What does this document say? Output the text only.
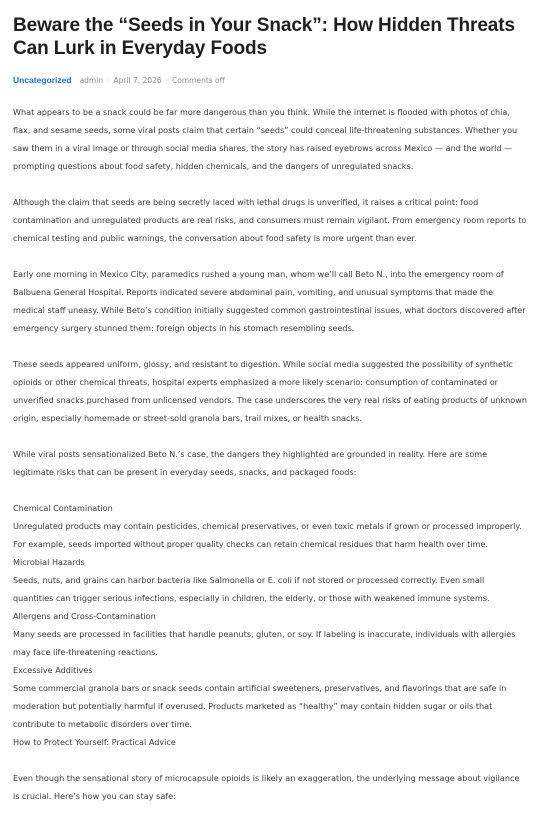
Beware the “Seeds in Your Snack”: How Hidden Threats Can Lurk in Everyday Foods
Uncategorized admin · April 7, 2026 · Comments off

What appears to be a snack could be far more dangerous than you think. While the internet is flooded with photos of chia, flax, and sesame seeds, some viral posts claim that certain “seeds” could conceal life-threatening substances. Whether you saw them in a viral image or through social media shares, the story has raised eyebrows across Mexico — and the world — prompting questions about food safety, hidden chemicals, and the dangers of unregulated snacks.

Although the claim that seeds are being secretly laced with lethal drugs is unverified, it raises a critical point: food contamination and unregulated products are real risks, and consumers must remain vigilant. From emergency room reports to chemical testing and public warnings, the conversation about food safety is more urgent than ever.

Early one morning in Mexico City, paramedics rushed a young man, whom we’ll call Beto N., into the emergency room of Balbuena General Hospital. Reports indicated severe abdominal pain, vomiting, and unusual symptoms that made the medical staff uneasy. While Beto’s condition initially suggested common gastrointestinal issues, what doctors discovered after emergency surgery stunned them: foreign objects in his stomach resembling seeds.

These seeds appeared uniform, glossy, and resistant to digestion. While social media suggested the possibility of synthetic opioids or other chemical threats, hospital experts emphasized a more likely scenario: consumption of contaminated or unverified snacks purchased from unlicensed vendors. The case underscores the very real risks of eating products of unknown origin, especially homemade or street-sold granola bars, trail mixes, or health snacks.

While viral posts sensationalized Beto N.’s case, the dangers they highlighted are grounded in reality. Here are some legitimate risks that can be present in everyday seeds, snacks, and packaged foods:

Chemical Contamination
Unregulated products may contain pesticides, chemical preservatives, or even toxic metals if grown or processed improperly. For example, seeds imported without proper quality checks can retain chemical residues that harm health over time.
Microbial Hazards
Seeds, nuts, and grains can harbor bacteria like Salmonella or E. coli if not stored or processed correctly. Even small quantities can trigger serious infections, especially in children, the elderly, or those with weakened immune systems.
Allergens and Cross-Contamination
Many seeds are processed in facilities that handle peanuts, gluten, or soy. If labeling is inaccurate, individuals with allergies may face life-threatening reactions.
Excessive Additives
Some commercial granola bars or snack seeds contain artificial sweeteners, preservatives, and flavorings that are safe in moderation but potentially harmful if overused. Products marketed as “healthy” may contain hidden sugar or oils that contribute to metabolic disorders over time.
How to Protect Yourself: Practical Advice

Even though the sensational story of microcapsule opioids is likely an exaggeration, the underlying message about vigilance is crucial. Here’s how you can stay safe:
